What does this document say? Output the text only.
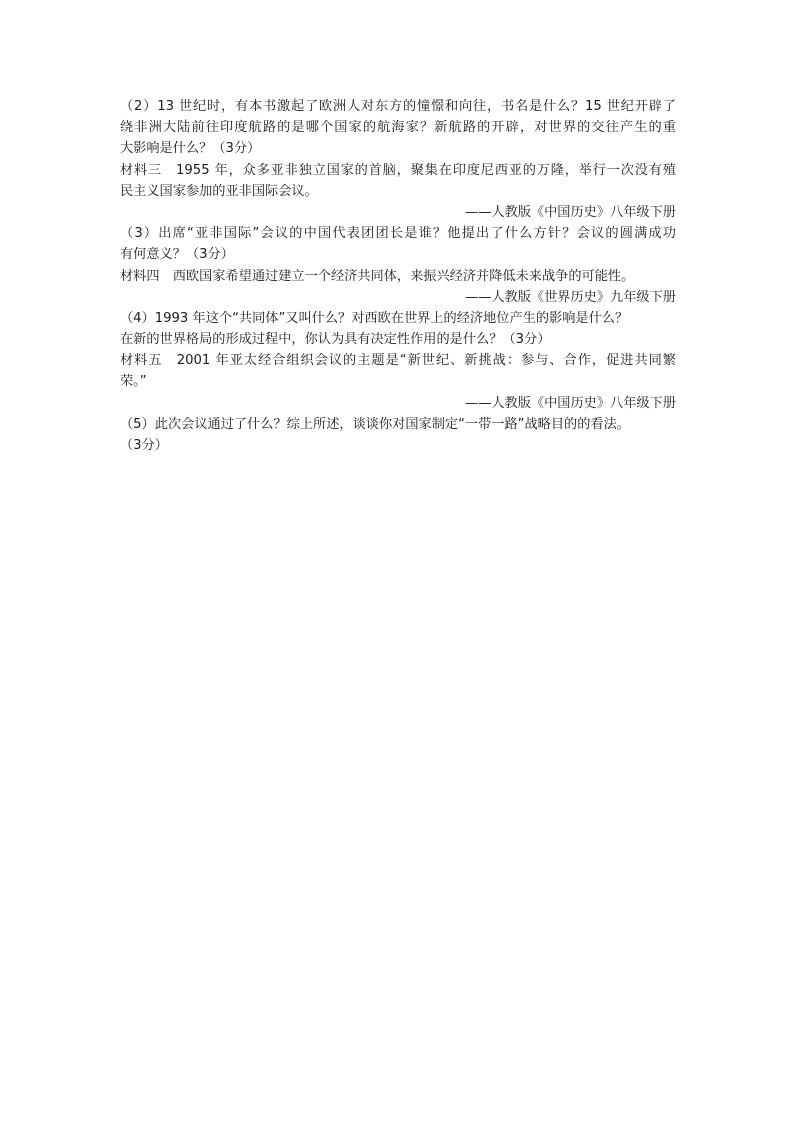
（2）13 世纪时，有本书激起了欧洲人对东方的憧憬和向往，书名是什么？15 世纪开辟了
绕非洲大陆前往印度航路的是哪个国家的航海家？新航路的开辟，对世界的交往产生的重
大影响是什么？（3分）
材料三　1955 年，众多亚非独立国家的首脑，聚集在印度尼西亚的万隆，举行一次没有殖
民主义国家参加的亚非国际会议。
——人教版《中国历史》八年级下册
（3）出席“亚非国际”会议的中国代表团团长是谁？他提出了什么方针？会议的圆满成功
有何意义？（3分）
材料四　西欧国家希望通过建立一个经济共同体，来振兴经济并降低未来战争的可能性。
——人教版《世界历史》九年级下册
（4）1993 年这个“共同体”又叫什么？对西欧在世界上的经济地位产生的影响是什么？
在新的世界格局的形成过程中，你认为具有决定性作用的是什么？（3分）
材料五　2001 年亚太经合组织会议的主题是“新世纪、新挑战：参与、合作，促进共同繁
荣。”
——人教版《中国历史》八年级下册
（5）此次会议通过了什么？综上所述，谈谈你对国家制定“一带一路”战略目的的看法。
（3分）
